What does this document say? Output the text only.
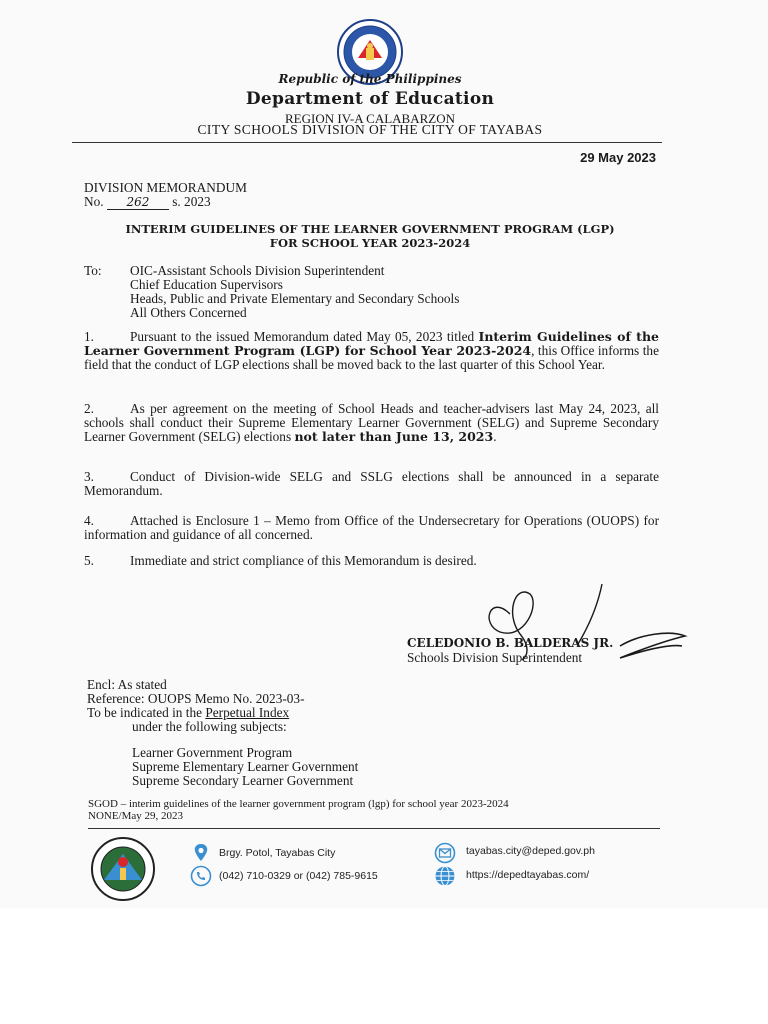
Republic of the Philippines
Department of Education
REGION IV-A CALABARZON
CITY SCHOOLS DIVISION OF THE CITY OF TAYABAS
29 May 2023
DIVISION MEMORANDUM
No. 262 s. 2023
INTERIM GUIDELINES OF THE LEARNER GOVERNMENT PROGRAM (LGP)
FOR SCHOOL YEAR 2023-2024
To: OIC-Assistant Schools Division Superintendent
Chief Education Supervisors
Heads, Public and Private Elementary and Secondary Schools
All Others Concerned
1.	Pursuant to the issued Memorandum dated May 05, 2023 titled Interim Guidelines of the Learner Government Program (LGP) for School Year 2023-2024, this Office informs the field that the conduct of LGP elections shall be moved back to the last quarter of this School Year.
2.	As per agreement on the meeting of School Heads and teacher-advisers last May 24, 2023, all schools shall conduct their Supreme Elementary Learner Government (SELG) and Supreme Secondary Learner Government (SELG) elections not later than June 13, 2023.
3.	Conduct of Division-wide SELG and SSLG elections shall be announced in a separate Memorandum.
4.	Attached is Enclosure 1 – Memo from Office of the Undersecretary for Operations (OUOPS) for information and guidance of all concerned.
5.	Immediate and strict compliance of this Memorandum is desired.
CELEDONIO B. BALDERAS JR.
Schools Division Superintendent
Encl: As stated
Reference: OUOPS Memo No. 2023-03-
To be indicated in the Perpetual Index
under the following subjects:
Learner Government Program
Supreme Elementary Learner Government
Supreme Secondary Learner Government
SGOD – interim guidelines of the learner government program (lgp) for school year 2023-2024
NONE/May 29, 2023
Brgy. Potol, Tayabas City
(042) 710-0329 or (042) 785-9615
tayabas.city@deped.gov.ph
https://depedtayabas.com/
